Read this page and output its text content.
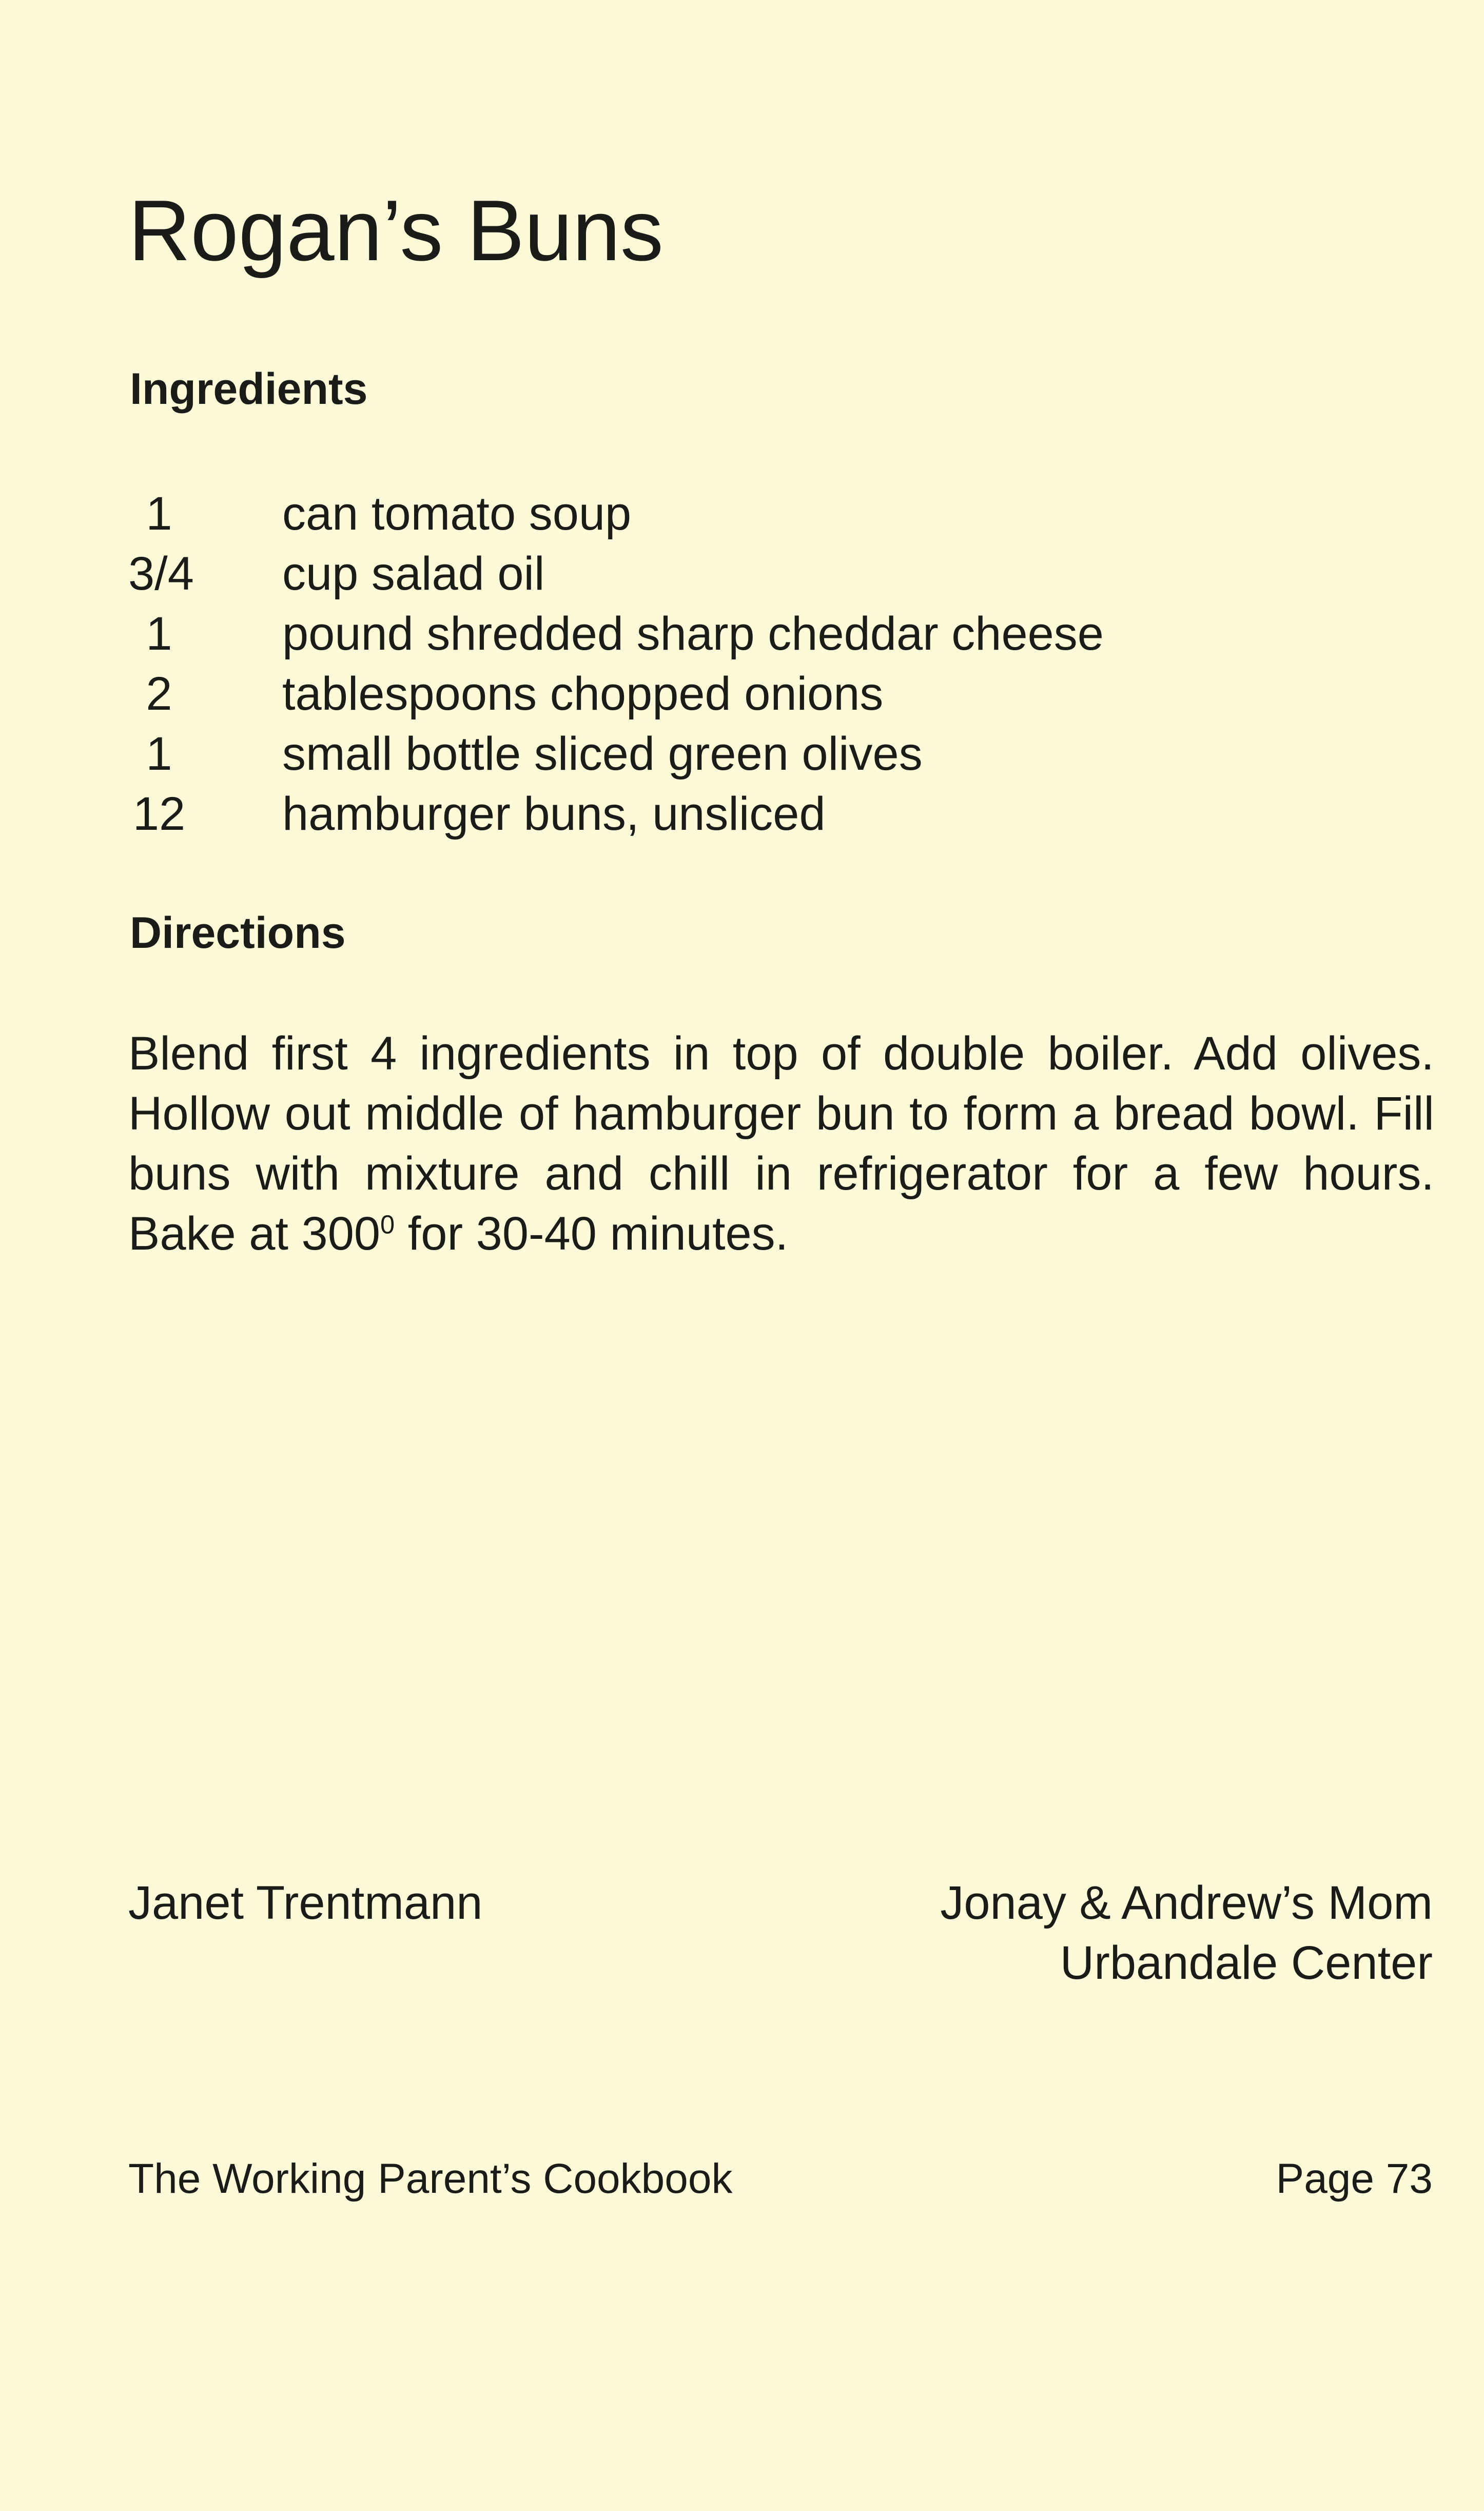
Rogan’s Buns
Ingredients
1	can tomato soup
3/4 cup salad oil
1	pound shredded sharp cheddar cheese
2	tablespoons chopped onions
1	small bottle sliced green olives
12 hamburger buns, unsliced
Directions

Blend first 4 ingredients in top of double boiler. Add olives. Hollow out middle of hamburger bun to form a bread bowl. Fill buns with mixture and chill in refrigerator for a few hours. Bake at $300^0$ for 30-40 minutes.

Janet Trentmann	Jonay & Andrew’s Mom
Urbandale Center
The Working Parent’s Cookbook	Page 73
